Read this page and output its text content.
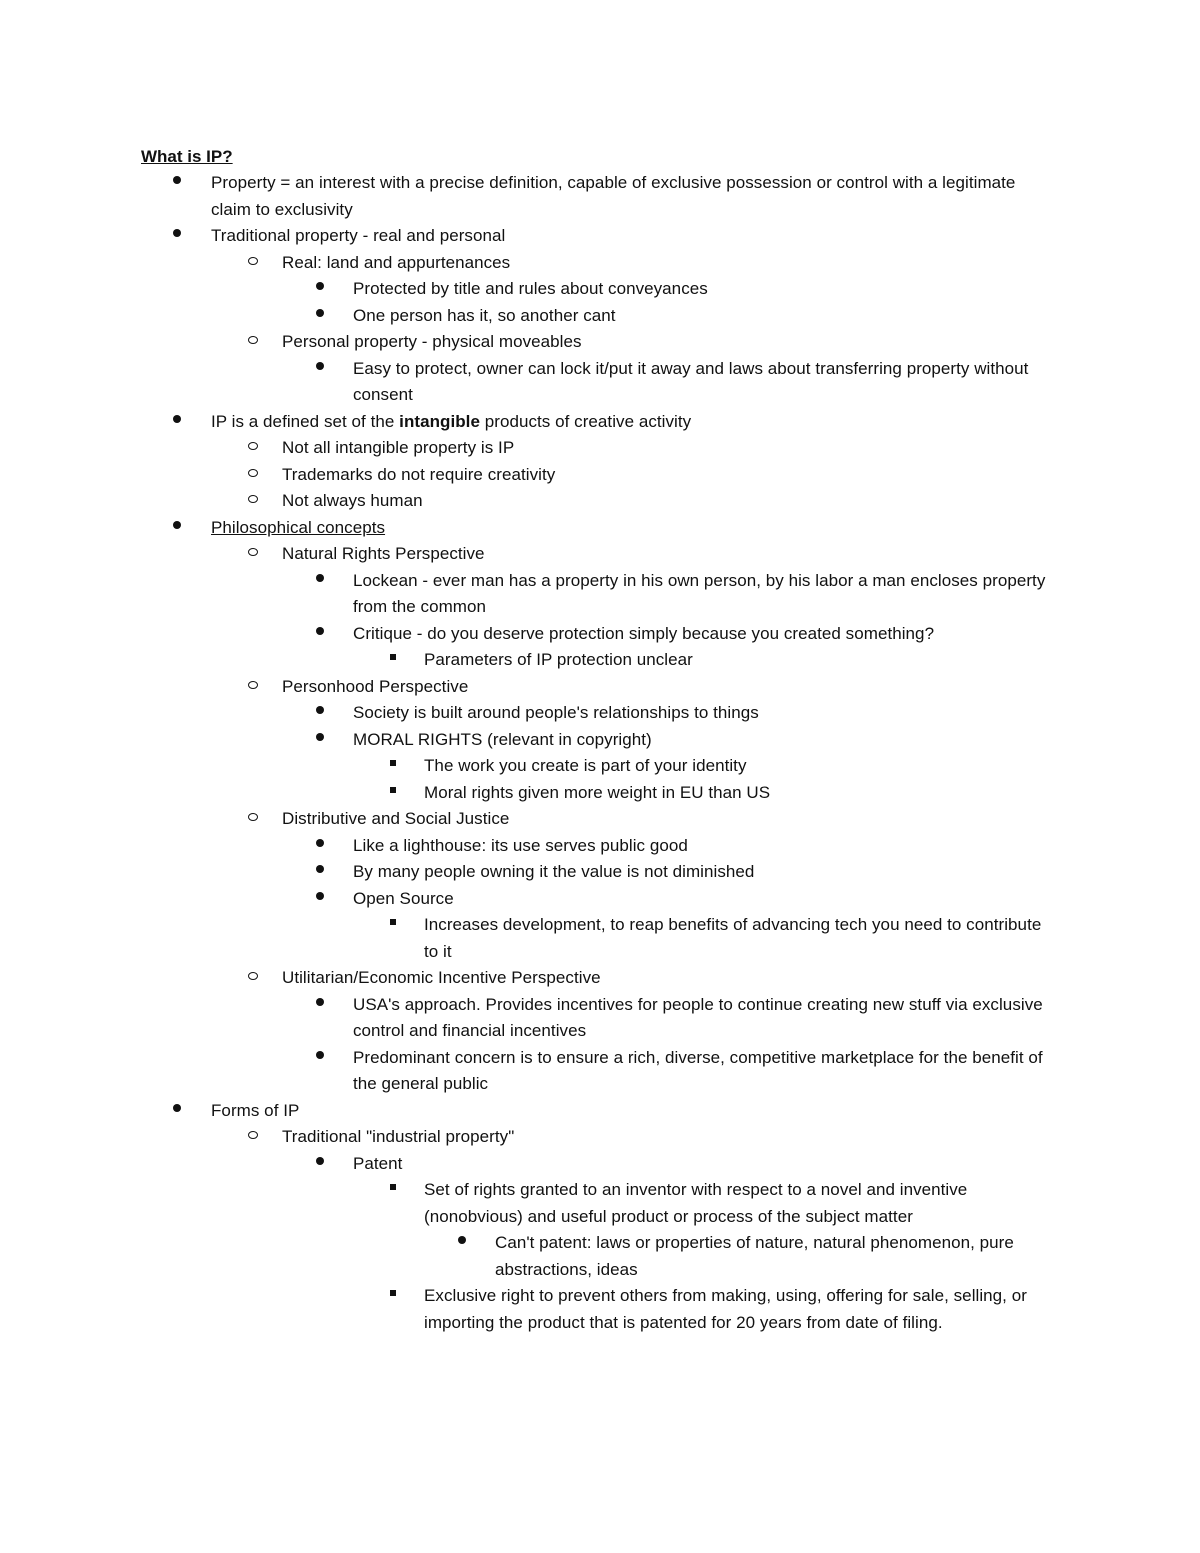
What is IP?
Property = an interest with a precise definition, capable of exclusive possession or control with a legitimate claim to exclusivity
Traditional property - real and personal
Real: land and appurtenances
Protected by title and rules about conveyances
One person has it, so another cant
Personal property - physical moveables
Easy to protect, owner can lock it/put it away and laws about transferring property without consent
IP is a defined set of the intangible products of creative activity
Not all intangible property is IP
Trademarks do not require creativity
Not always human
Philosophical concepts
Natural Rights Perspective
Lockean - ever man has a property in his own person, by his labor a man encloses property from the common
Critique - do you deserve protection simply because you created something?
Parameters of IP protection unclear
Personhood Perspective
Society is built around people's relationships to things
MORAL RIGHTS (relevant in copyright)
The work you create is part of your identity
Moral rights given more weight in EU than US
Distributive and Social Justice
Like a lighthouse: its use serves public good
By many people owning it the value is not diminished
Open Source
Increases development, to reap benefits of advancing tech you need to contribute to it
Utilitarian/Economic Incentive Perspective
USA's approach. Provides incentives for people to continue creating new stuff via exclusive control and financial incentives
Predominant concern is to ensure a rich, diverse, competitive marketplace for the benefit of the general public
Forms of IP
Traditional "industrial property"
Patent
Set of rights granted to an inventor with respect to a novel and inventive (nonobvious) and useful product or process of the subject matter
Can't patent: laws or properties of nature, natural phenomenon, pure abstractions, ideas
Exclusive right to prevent others from making, using, offering for sale, selling, or importing the product that is patented for 20 years from date of filing.
